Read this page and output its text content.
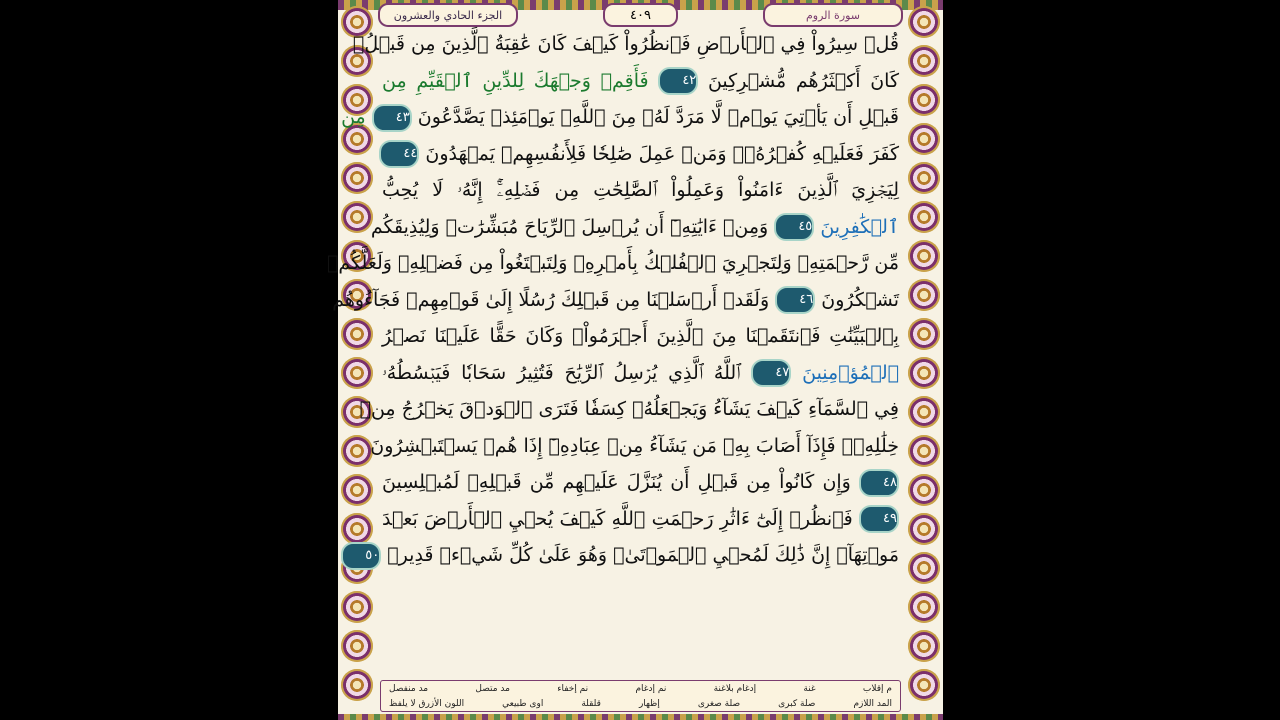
الجزء الحادي والعشرون	٤٠٩	سورة الروم
قُلۡ سِيرُواْ فِي ٱلۡأَرۡضِ فَٱنظُرُواْ كَيۡفَ كَانَ عَٰقِبَةُ ٱلَّذِينَ مِن قَبۡلُۚ
كَانَ أَكۡثَرُهُم مُّشۡرِكِينَ ٤٢ فَأَقِمۡ وَجۡهَكَ لِلدِّينِ ٱلۡقَيِّمِ مِن
قَبۡلِ أَن يَأۡتِيَ يَوۡمٞ لَّا مَرَدَّ لَهُۥ مِنَ ٱللَّهِۖ يَوۡمَئِذٖ يَصَّدَّعُونَ ٤٣ مِن
كَفَرَ فَعَلَيۡهِ كُفۡرُهُۥۖ وَمَنۡ عَمِلَ صَٰلِحٗا فَلِأَنفُسِهِمۡ يَمۡهَدُونَ ٤٤
لِيَجۡزِيَ ٱلَّذِينَ ءَامَنُواْ وَعَمِلُواْ ٱلصَّٰلِحَٰتِ مِن فَضۡلِهِۦٓۚ إِنَّهُۥ لَا يُحِبُّ
ٱلۡكَٰفِرِينَ ٤٥ وَمِنۡ ءَايَٰتِهِۦٓ أَن يُرۡسِلَ ٱلرِّيَاحَ مُبَشِّرَٰتٖ وَلِيُذِيقَكُم
مِّن رَّحۡمَتِهِۦ وَلِتَجۡرِيَ ٱلۡفُلۡكُ بِأَمۡرِهِۦ وَلِتَبۡتَغُواْ مِن فَضۡلِهِۦ وَلَعَلَّكُمۡ
تَشۡكُرُونَ ٤٦ وَلَقَدۡ أَرۡسَلۡنَا مِن قَبۡلِكَ رُسُلًا إِلَىٰ قَوۡمِهِمۡ فَجَآءُوهُم
بِٱلۡبَيِّنَٰتِ فَٱنتَقَمۡنَا مِنَ ٱلَّذِينَ أَجۡرَمُواْۖ وَكَانَ حَقًّا عَلَيۡنَا نَصۡرُ
ٱلۡمُؤۡمِنِينَ ٤٧ ٱللَّهُ ٱلَّذِي يُرۡسِلُ ٱلرِّيَٰحَ فَتُثِيرُ سَحَابٗا فَيَبۡسُطُهُۥ
فِي ٱلسَّمَآءِ كَيۡفَ يَشَآءُ وَيَجۡعَلُهُۥ كِسَفٗا فَتَرَى ٱلۡوَدۡقَ يَخۡرُجُ مِنۡ
خِلَٰلِهِۦۖ فَإِذَآ أَصَابَ بِهِۦ مَن يَشَآءُ مِنۡ عِبَادِهِۦٓ إِذَا هُمۡ يَسۡتَبۡشِرُونَ
٤٨ وَإِن كَانُواْ مِن قَبۡلِ أَن يُنَزَّلَ عَلَيۡهِم مِّن قَبۡلِهِۦ لَمُبۡلِسِينَ
٤٩ فَٱنظُرۡ إِلَىٰٓ ءَاثَٰرِ رَحۡمَتِ ٱللَّهِ كَيۡفَ يُحۡيِ ٱلۡأَرۡضَ بَعۡدَ
مَوۡتِهَآۚ إِنَّ ذَٰلِكَ لَمُحۡيِ ٱلۡمَوۡتَىٰۖ وَهُوَ عَلَىٰ كُلِّ شَيۡءٖ قَدِيرٞ ٥٠
م إقلاب
غنة
إدغام بلاغنة
نم إدغام
نم إخفاء
مد متصل
مد منفصل
المد اللازم
صلة كبرى
صلة صغرى
إظهار
قلقلة
اوى طبيعي
اللون الأزرق لا يلفظ
